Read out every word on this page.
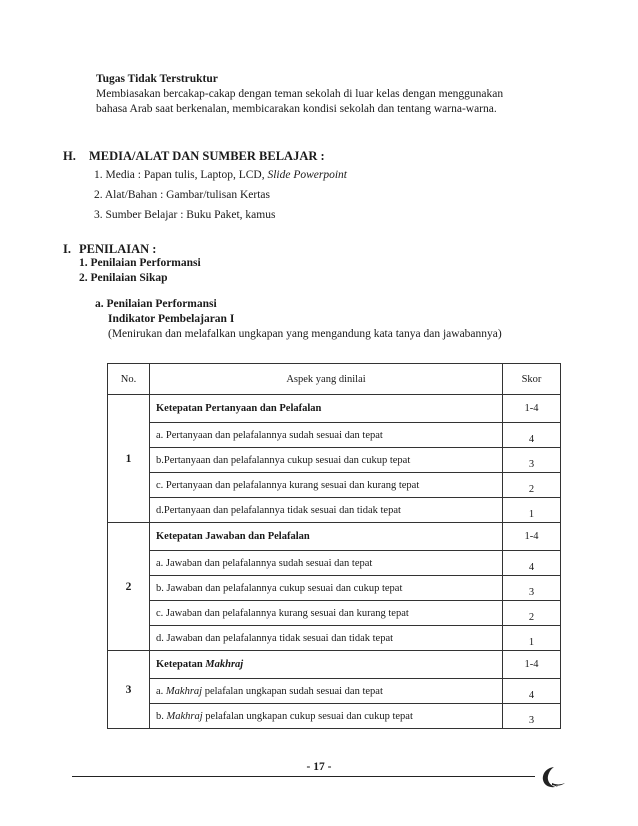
Tugas Tidak Terstruktur
Membiasakan bercakap-cakap dengan teman sekolah di luar kelas dengan menggunakan
bahasa Arab saat berkenalan, membicarakan kondisi sekolah dan tentang warna-warna.
H. MEDIA/ALAT DAN SUMBER BELAJAR :
1. Media : Papan tulis, Laptop, LCD, Slide Powerpoint
2. Alat/Bahan : Gambar/tulisan Kertas
3. Sumber Belajar : Buku Paket, kamus
I. PENILAIAN :
1. Penilaian Performansi
2. Penilaian Sikap
a. Penilaian Performansi
Indikator Pembelajaran I
(Menirukan dan melafalkan ungkapan yang mengandung kata tanya dan jawabannya)
No.	Aspek yang dinilai	Skor
1	Ketepatan Pertanyaan dan Pelafalan	1-4
	a. Pertanyaan dan pelafalannya sudah sesuai dan tepat	4
	b.Pertanyaan dan pelafalannya cukup sesuai dan cukup tepat	3
	c. Pertanyaan dan pelafalannya kurang sesuai dan kurang tepat	2
	d.Pertanyaan dan pelafalannya tidak sesuai dan tidak tepat	1
2	Ketepatan Jawaban dan Pelafalan	1-4
	a. Jawaban dan pelafalannya sudah sesuai dan tepat	4
	b. Jawaban dan pelafalannya cukup sesuai dan cukup tepat	3
	c. Jawaban dan pelafalannya kurang sesuai dan kurang tepat	2
	d. Jawaban dan pelafalannya tidak sesuai dan tidak tepat	1
3	Ketepatan Makhraj	1-4
	a. Makhraj pelafalan ungkapan sudah sesuai dan tepat	4
	b. Makhraj pelafalan ungkapan cukup sesuai dan cukup tepat	3
- 17 -
~
